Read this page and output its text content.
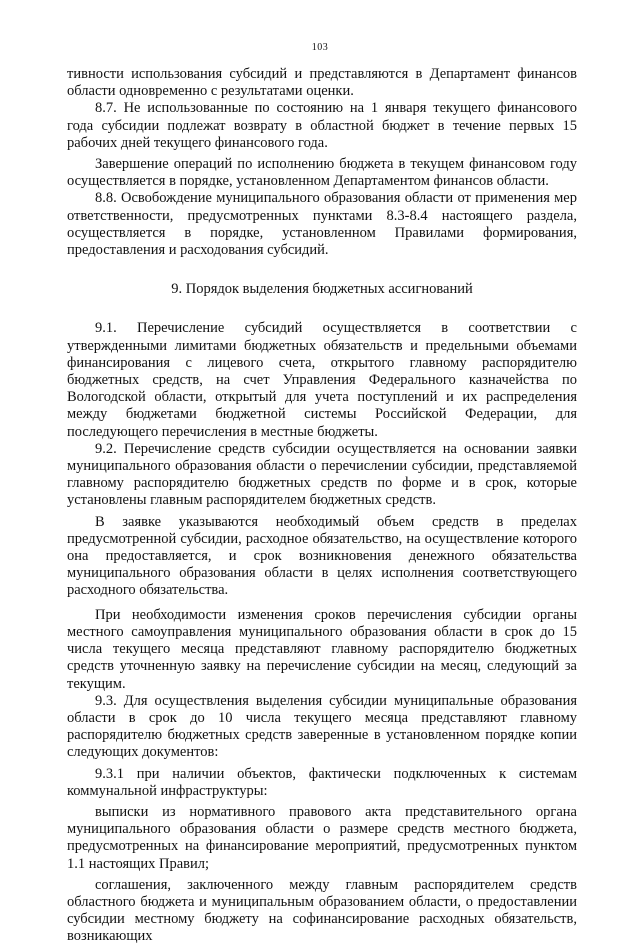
103

тивности использования субсидий и представляются в Департамент финансов области одновременно с результатами оценки.

8.7. Не использованные по состоянию на 1 января текущего финансового года субсидии подлежат возврату в областной бюджет в течение первых 15 рабочих дней текущего финансового года.

Завершение операций по исполнению бюджета в текущем финансовом году осуществляется в порядке, установленном Департаментом финансов области.

8.8. Освобождение муниципального образования области от применения мер ответственности, предусмотренных пунктами 8.3-8.4 настоящего раздела, осуществляется в порядке, установленном Правилами формирования, предоставления и расходования субсидий.

9. Порядок выделения бюджетных ассигнований

9.1. Перечисление субсидий осуществляется в соответствии с утвержденными лимитами бюджетных обязательств и предельными объемами финансирования с лицевого счета, открытого главному распорядителю бюджетных средств, на счет Управления Федерального казначейства по Вологодской области, открытый для учета поступлений и их распределения между бюджетами бюджетной системы Российской Федерации, для последующего перечисления в местные бюджеты.

9.2. Перечисление средств субсидии осуществляется на основании заявки муниципального образования области о перечислении субсидии, представляемой главному распорядителю бюджетных средств по форме и в срок, которые установлены главным распорядителем бюджетных средств.

В заявке указываются необходимый объем средств в пределах предусмотренной субсидии, расходное обязательство, на осуществление которого она предоставляется, и срок возникновения денежного обязательства муниципального образования области в целях исполнения соответствующего расходного обязательства.

При необходимости изменения сроков перечисления субсидии органы местного самоуправления муниципального образования области в срок до 15 числа текущего месяца представляют главному распорядителю бюджетных средств уточненную заявку на перечисление субсидии на месяц, следующий за текущим.

9.3. Для осуществления выделения субсидии муниципальные образования области в срок до 10 числа текущего месяца представляют главному распорядителю бюджетных средств заверенные в установленном порядке копии следующих документов:

9.3.1 при наличии объектов, фактически подключенных к системам коммунальной инфраструктуры:

выписки из нормативного правового акта представительного органа муниципального образования области о размере средств местного бюджета, предусмотренных на финансирование мероприятий, предусмотренных пунктом 1.1 настоящих Правил;

соглашения, заключенного между главным распорядителем средств областного бюджета и муниципальным образованием области, о предоставлении субсидии местному бюджету на софинансирование расходных обязательств, возникающих
